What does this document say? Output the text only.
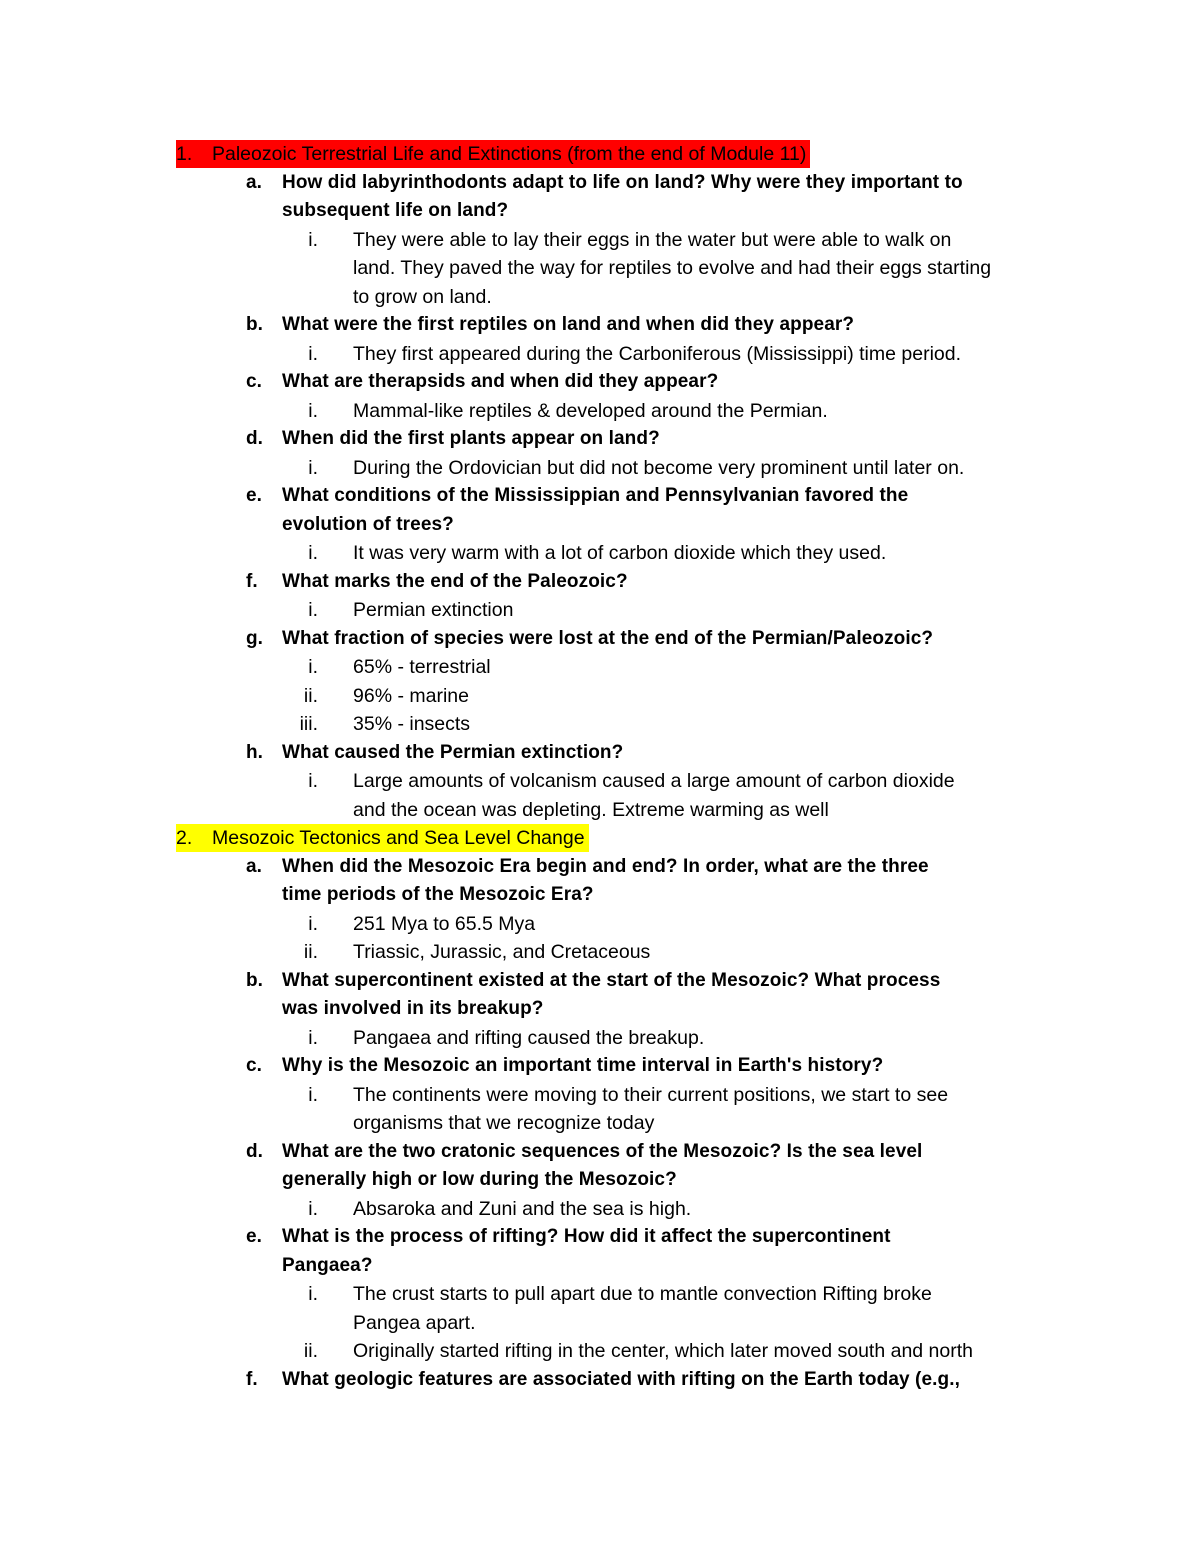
1. Paleozoic Terrestrial Life and Extinctions (from the end of Module 11)
a. How did labyrinthodonts adapt to life on land? Why were they important to
subsequent life on land?
i. They were able to lay their eggs in the water but were able to walk on
land. They paved the way for reptiles to evolve and had their eggs starting
to grow on land.
b. What were the first reptiles on land and when did they appear?
i. They first appeared during the Carboniferous (Mississippi) time period.
c. What are therapsids and when did they appear?
i. Mammal-like reptiles & developed around the Permian.
d. When did the first plants appear on land?
i. During the Ordovician but did not become very prominent until later on.
e. What conditions of the Mississippian and Pennsylvanian favored the
evolution of trees?
i. It was very warm with a lot of carbon dioxide which they used.
f. What marks the end of the Paleozoic?
i. Permian extinction
g. What fraction of species were lost at the end of the Permian/Paleozoic?
i. 65% - terrestrial
ii. 96% - marine
iii. 35% - insects
h. What caused the Permian extinction?
i. Large amounts of volcanism caused a large amount of carbon dioxide
and the ocean was depleting. Extreme warming as well
2. Mesozoic Tectonics and Sea Level Change
a. When did the Mesozoic Era begin and end? In order, what are the three
time periods of the Mesozoic Era?
i. 251 Mya to 65.5 Mya
ii. Triassic, Jurassic, and Cretaceous
b. What supercontinent existed at the start of the Mesozoic? What process
was involved in its breakup?
i. Pangaea and rifting caused the breakup.
c. Why is the Mesozoic an important time interval in Earth's history?
i. The continents were moving to their current positions, we start to see
organisms that we recognize today
d. What are the two cratonic sequences of the Mesozoic? Is the sea level
generally high or low during the Mesozoic?
i. Absaroka and Zuni and the sea is high.
e. What is the process of rifting? How did it affect the supercontinent
Pangaea?
i. The crust starts to pull apart due to mantle convection Rifting broke
Pangea apart.
ii. Originally started rifting in the center, which later moved south and north
f. What geologic features are associated with rifting on the Earth today (e.g.,
